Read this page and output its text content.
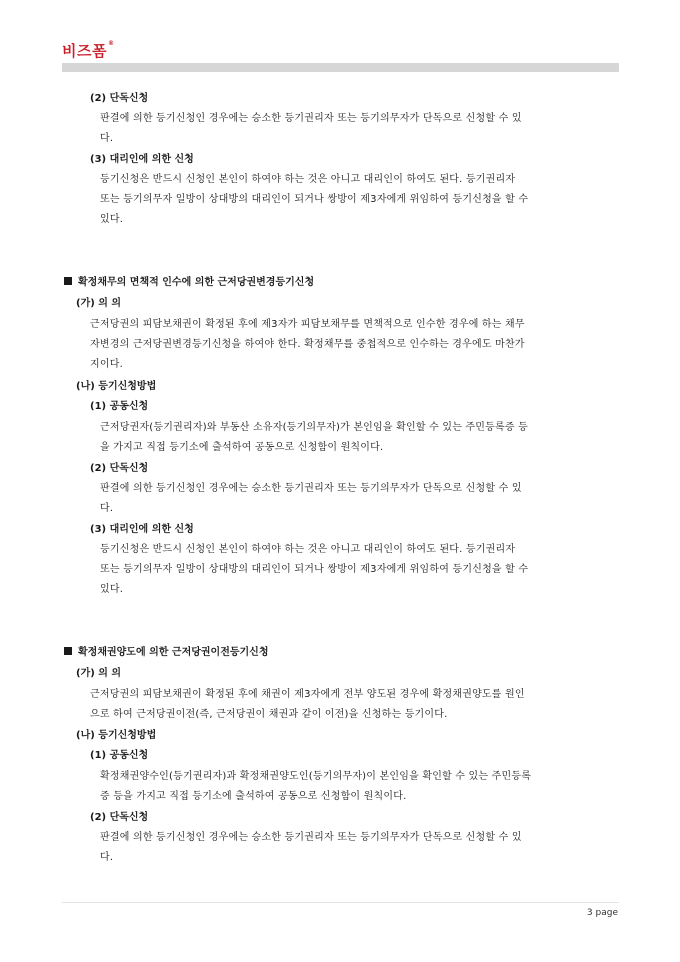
비즈폼®
(2) 단독신청
판결에 의한 등기신청인 경우에는 승소한 등기권리자 또는 등기의무자가 단독으로 신청할 수 있
다.
(3) 대리인에 의한 신청
등기신청은 반드시 신청인 본인이 하여야 하는 것은 아니고 대리인이 하여도 된다. 등기권리자
또는 등기의무자 일방이 상대방의 대리인이 되거나 쌍방이 제3자에게 위임하여 등기신청을 할 수
있다.
확정채무의 면책적 인수에 의한 근저당권변경등기신청
(가) 의 의
근저당권의 피담보채권이 확정된 후에 제3자가 피담보채무를 면책적으로 인수한 경우에 하는 채무
자변경의 근저당권변경등기신청을 하여야 한다. 확정채무를 중첩적으로 인수하는 경우에도 마찬가
지이다.
(나) 등기신청방법
(1) 공동신청
근저당권자(등기권리자)와 부동산 소유자(등기의무자)가 본인임을 확인할 수 있는 주민등록증 등
을 가지고 직접 등기소에 출석하여 공동으로 신청함이 원칙이다.
(2) 단독신청
판결에 의한 등기신청인 경우에는 승소한 등기권리자 또는 등기의무자가 단독으로 신청할 수 있
다.
(3) 대리인에 의한 신청
등기신청은 반드시 신청인 본인이 하여야 하는 것은 아니고 대리인이 하여도 된다. 등기권리자
또는 등기의무자 일방이 상대방의 대리인이 되거나 쌍방이 제3자에게 위임하여 등기신청을 할 수
있다.
확정채권양도에 의한 근저당권이전등기신청
(가) 의 의
근저당권의 피담보채권이 확정된 후에 채권이 제3자에게 전부 양도된 경우에 확정채권양도를 원인
으로 하여 근저당권이전(즉, 근저당권이 채권과 같이 이전)을 신청하는 등기이다.
(나) 등기신청방법
(1) 공동신청
확정채권양수인(등기권리자)과 확정채권양도인(등기의무자)이 본인임을 확인할 수 있는 주민등록
증 등을 가지고 직접 등기소에 출석하여 공동으로 신청함이 원칙이다.
(2) 단독신청
판결에 의한 등기신청인 경우에는 승소한 등기권리자 또는 등기의무자가 단독으로 신청할 수 있
다.
3 page
